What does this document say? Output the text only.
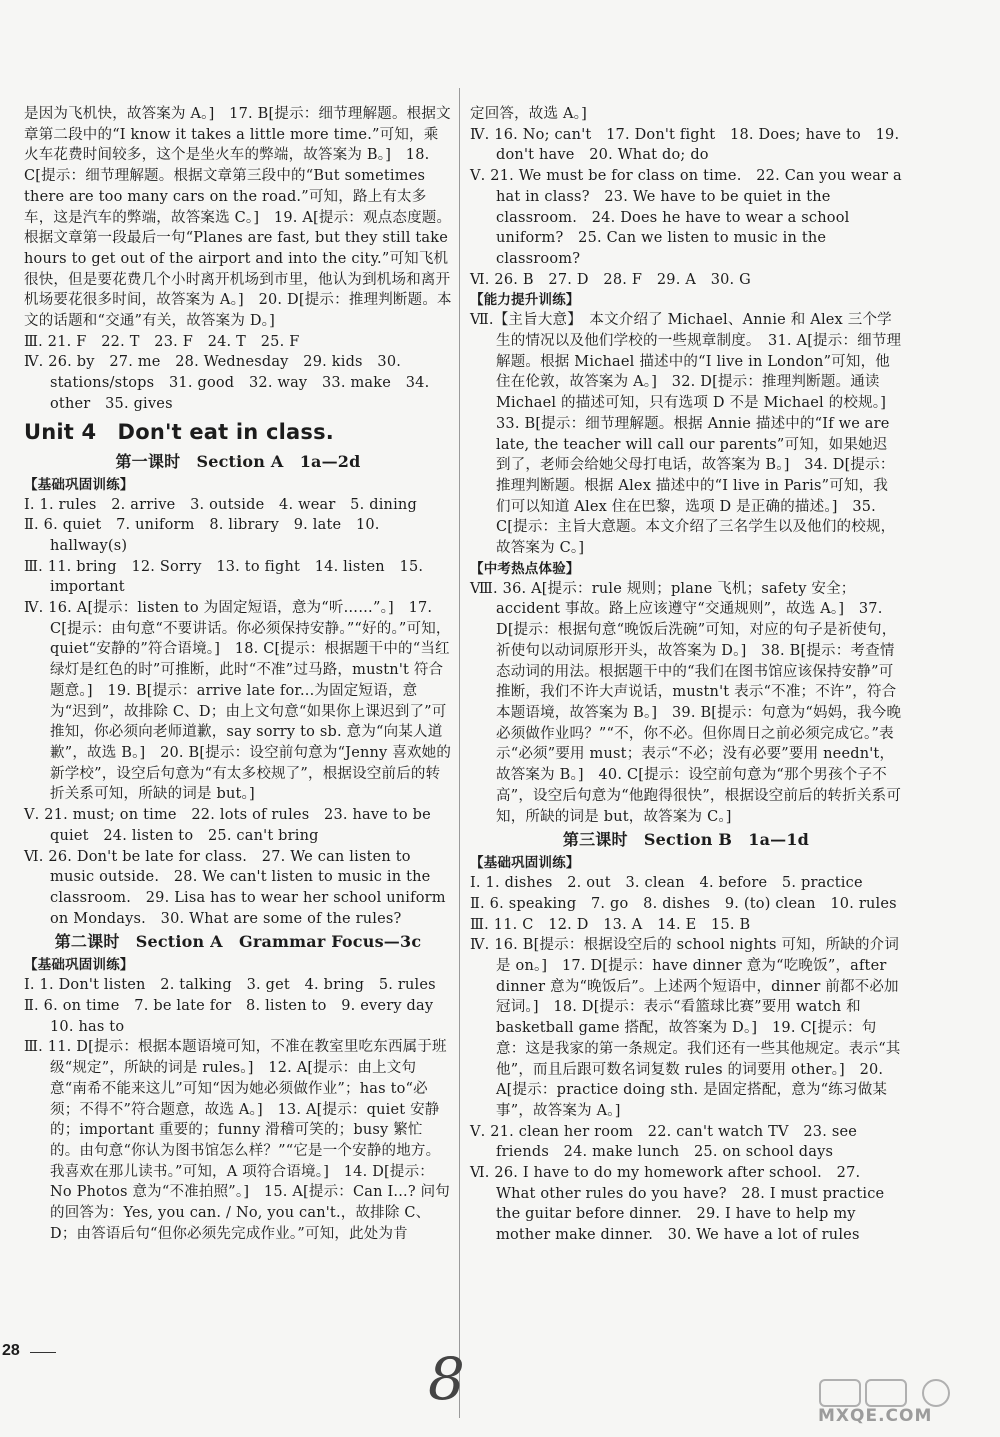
是因为飞机快，故答案为 A。]　17. B[提示：细节理解题。根据文章第二段中的“I know it takes a little more time.”可知，乘火车花费时间较多，这个是坐火车的弊端，故答案为 B。]　18. C[提示：细节理解题。根据文章第三段中的“But sometimes there are too many cars on the road.”可知，路上有太多车，这是汽车的弊端，故答案选 C。]　19. A[提示：观点态度题。根据文章第一段最后一句“Planes are fast, but they still take hours to get out of the airport and into the city.”可知飞机很快，但是要花费几个小时离开机场到市里，他认为到机场和离开机场要花很多时间，故答案为 A。]　20. D[提示：推理判断题。本文的话题和“交通”有关，故答案为 D。]
Ⅲ. 21. F　22. T　23. F　24. T　25. F
Ⅳ. 26. by　27. me　28. Wednesday　29. kids　30. stations/stops　31. good　32. way　33. make　34. other　35. gives
Unit 4　Don't eat in class.
第一课时　Section A　1a—2d
【基础巩固训练】
Ⅰ. 1. rules　2. arrive　3. outside　4. wear　5. dining
Ⅱ. 6. quiet　7. uniform　8. library　9. late　10. hallway(s)
Ⅲ. 11. bring　12. Sorry　13. to fight　14. listen　15. important
Ⅳ. 16. A[提示：listen to 为固定短语，意为“听……”。]　17. C[提示：由句意“不要讲话。你必须保持安静。”“好的。”可知，quiet“安静的”符合语境。]　18. C[提示：根据题干中的“当红绿灯是红色的时”可推断，此时“不准”过马路，mustn't 符合题意。]　19. B[提示：arrive late for...为固定短语，意为“迟到”，故排除 C、D；由上文句意“如果你上课迟到了”可推知，你必须向老师道歉，say sorry to sb. 意为“向某人道歉”，故选 B。]　20. B[提示：设空前句意为“Jenny 喜欢她的新学校”，设空后句意为“有太多校规了”，根据设空前后的转折关系可知，所缺的词是 but。]
Ⅴ. 21. must; on time　22. lots of rules　23. have to be quiet　24. listen to　25. can't bring
Ⅵ. 26. Don't be late for class.　27. We can listen to music outside.　28. We can't listen to music in the classroom.　29. Lisa has to wear her school uniform on Mondays.　30. What are some of the rules?
第二课时　Section A　Grammar Focus—3c
【基础巩固训练】
Ⅰ. 1. Don't listen　2. talking　3. get　4. bring　5. rules
Ⅱ. 6. on time　7. be late for　8. listen to　9. every day　10. has to
Ⅲ. 11. D[提示：根据本题语境可知，不准在教室里吃东西属于班级“规定”，所缺的词是 rules。]　12. A[提示：由上文句意“南希不能来这儿”可知“因为她必须做作业”；has to“必须；不得不”符合题意，故选 A。]　13. A[提示：quiet 安静的；important 重要的；funny 滑稽可笑的；busy 繁忙的。由句意“你认为图书馆怎么样？”“它是一个安静的地方。我喜欢在那儿读书。”可知，A 项符合语境。]　14. D[提示：No Photos 意为“不准拍照”。]　15. A[提示：Can I...? 问句的回答为：Yes, you can. / No, you can't.，故排除 C、D；由答语后句“但你必须先完成作业。”可知，此处为肯
定回答，故选 A。]
Ⅳ. 16. No; can't　17. Don't fight　18. Does; have to　19. don't have　20. What do; do
Ⅴ. 21. We must be for class on time.　22. Can you wear a hat in class?　23. We have to be quiet in the classroom.　24. Does he have to wear a school uniform?　25. Can we listen to music in the classroom?
Ⅵ. 26. B　27. D　28. F　29. A　30. G
【能力提升训练】
Ⅶ.【主旨大意】　本文介绍了 Michael、Annie 和 Alex 三个学生的情况以及他们学校的一些规章制度。　31. A[提示：细节理解题。根据 Michael 描述中的“I live in London”可知，他住在伦敦，故答案为 A。]　32. D[提示：推理判断题。通读 Michael 的描述可知，只有选项 D 不是 Michael 的校规。]　33. B[提示：细节理解题。根据 Annie 描述中的“If we are late, the teacher will call our parents”可知，如果她迟到了，老师会给她父母打电话，故答案为 B。]　34. D[提示：推理判断题。根据 Alex 描述中的“I live in Paris”可知，我们可以知道 Alex 住在巴黎，选项 D 是正确的描述。]　35. C[提示：主旨大意题。本文介绍了三名学生以及他们的校规，故答案为 C。]
【中考热点体验】
Ⅷ. 36. A[提示：rule 规则；plane 飞机；safety 安全；accident 事故。路上应该遵守“交通规则”，故选 A。]　37. D[提示：根据句意“晚饭后洗碗”可知，对应的句子是祈使句，祈使句以动词原形开头，故答案为 D。]　38. B[提示：考查情态动词的用法。根据题干中的“我们在图书馆应该保持安静”可推断，我们不许大声说话，mustn't 表示“不准；不许”，符合本题语境，故答案为 B。]　39. B[提示：句意为“妈妈，我今晚必须做作业吗？”“不，你不必。但你周日之前必须完成它。”表示“必须”要用 must；表示“不必；没有必要”要用 needn't，故答案为 B。]　40. C[提示：设空前句意为“那个男孩个子不高”，设空后句意为“他跑得很快”，根据设空前后的转折关系可知，所缺的词是 but，故答案为 C。]
第三课时　Section B　1a—1d
【基础巩固训练】
Ⅰ. 1. dishes　2. out　3. clean　4. before　5. practice
Ⅱ. 6. speaking　7. go　8. dishes　9. (to) clean　10. rules
Ⅲ. 11. C　12. D　13. A　14. E　15. B
Ⅳ. 16. B[提示：根据设空后的 school nights 可知，所缺的介词是 on。]　17. D[提示：have dinner 意为“吃晚饭”，after dinner 意为“晚饭后”。上述两个短语中，dinner 前都不必加冠词。]　18. D[提示：表示“看篮球比赛”要用 watch 和 basketball game 搭配，故答案为 D。]　19. C[提示：句意：这是我家的第一条规定。我们还有一些其他规定。表示“其他”，而且后跟可数名词复数 rules 的词要用 other。]　20. A[提示：practice doing sth. 是固定搭配，意为“练习做某事”，故答案为 A。]
Ⅴ. 21. clean her room　22. can't watch TV　23. see friends　24. make lunch　25. on school days
Ⅵ. 26. I have to do my homework after school.　27. What other rules do you have?　28. I must practice the guitar before dinner.　29. I have to help my mother make dinner.　30. We have a lot of rules
28	8
MXQE.COM
